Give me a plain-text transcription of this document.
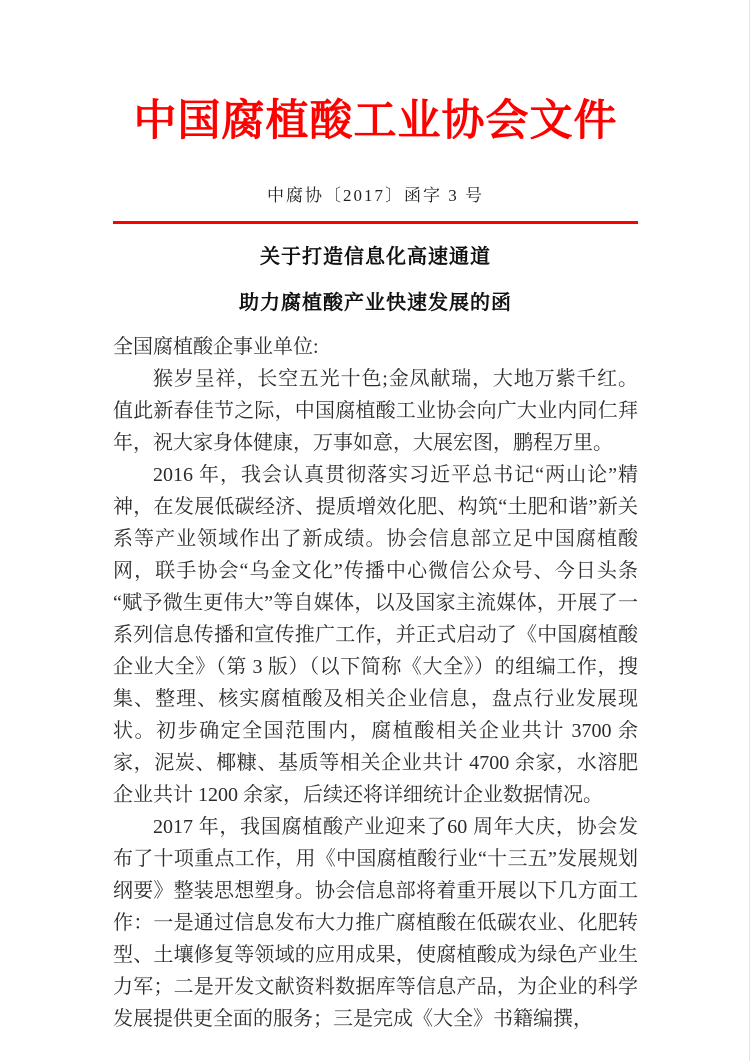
中国腐植酸工业协会文件
中腐协〔2017〕函字 3 号
关于打造信息化高速通道
助力腐植酸产业快速发展的函

全国腐植酸企事业单位:

猴岁呈祥，长空五光十色;金凤献瑞，大地万紫千红。值此新春佳节之际，中国腐植酸工业协会向广大业内同仁拜年，祝大家身体健康，万事如意，大展宏图，鹏程万里。

2016 年，我会认真贯彻落实习近平总书记“两山论”精神，在发展低碳经济、提质增效化肥、构筑“土肥和谐”新关系等产业领域作出了新成绩。协会信息部立足中国腐植酸网，联手协会“乌金文化”传播中心微信公众号、今日头条“赋予微生更伟大”等自媒体，以及国家主流媒体，开展了一系列信息传播和宣传推广工作，并正式启动了《中国腐植酸企业大全》（第 3 版）（以下简称《大全》）的组编工作，搜集、整理、核实腐植酸及相关企业信息，盘点行业发展现状。初步确定全国范围内，腐植酸相关企业共计 3700 余家，泥炭、椰糠、基质等相关企业共计 4700 余家，水溶肥企业共计 1200 余家，后续还将详细统计企业数据情况。

2017 年，我国腐植酸产业迎来了60 周年大庆，协会发布了十项重点工作，用《中国腐植酸行业“十三五”发展规划纲要》整装思想塑身。协会信息部将着重开展以下几方面工作：一是通过信息发布大力推广腐植酸在低碳农业、化肥转型、土壤修复等领域的应用成果，使腐植酸成为绿色产业生力军；二是开发文献资料数据库等信息产品，为企业的科学发展提供更全面的服务；三是完成《大全》书籍编撰，
